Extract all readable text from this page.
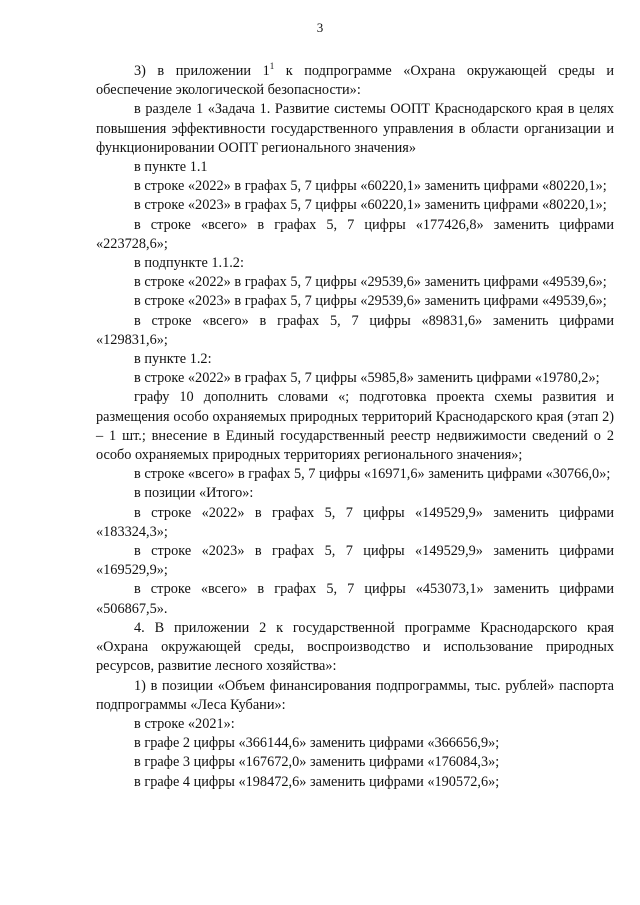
3

3) в приложении $1^1$ к подпрограмме «Охрана окружающей среды и обеспечение экологической безопасности»:

в разделе 1 «Задача 1. Развитие системы ООПТ Краснодарского края в целях повышения эффективности государственного управления в области организации и функционировании ООПТ регионального значения»

в пункте 1.1

в строке «2022» в графах 5, 7 цифры «60220,1» заменить цифрами «80220,1»;

в строке «2023» в графах 5, 7 цифры «60220,1» заменить цифрами «80220,1»;

в строке «всего» в графах 5, 7 цифры «177426,8» заменить цифрами «223728,6»;

в подпункте 1.1.2:

в строке «2022» в графах 5, 7 цифры «29539,6» заменить цифрами «49539,6»;

в строке «2023» в графах 5, 7 цифры «29539,6» заменить цифрами «49539,6»;

в строке «всего» в графах 5, 7 цифры «89831,6» заменить цифрами «129831,6»;

в пункте 1.2:

в строке «2022» в графах 5, 7 цифры «5985,8» заменить цифрами «19780,2»;

графу 10 дополнить словами «; подготовка проекта схемы развития и размещения особо охраняемых природных территорий Краснодарского края (этап 2) – 1 шт.; внесение в Единый государственный реестр недвижимости сведений о 2 особо охраняемых природных территориях регионального значения»;

в строке «всего» в графах 5, 7 цифры «16971,6» заменить цифрами «30766,0»;

в позиции «Итого»:

в строке «2022» в графах 5, 7 цифры «149529,9» заменить цифрами «183324,3»;

в строке «2023» в графах 5, 7 цифры «149529,9» заменить цифрами «169529,9»;

в строке «всего» в графах 5, 7 цифры «453073,1» заменить цифрами «506867,5».

4. В приложении 2 к государственной программе Краснодарского края «Охрана окружающей среды, воспроизводство и использование природных ресурсов, развитие лесного хозяйства»:

1) в позиции «Объем финансирования подпрограммы, тыс. рублей» паспорта подпрограммы «Леса Кубани»:

в строке «2021»:

в графе 2 цифры «366144,6» заменить цифрами «366656,9»;

в графе 3 цифры «167672,0» заменить цифрами «176084,3»;

в графе 4 цифры «198472,6» заменить цифрами «190572,6»;
